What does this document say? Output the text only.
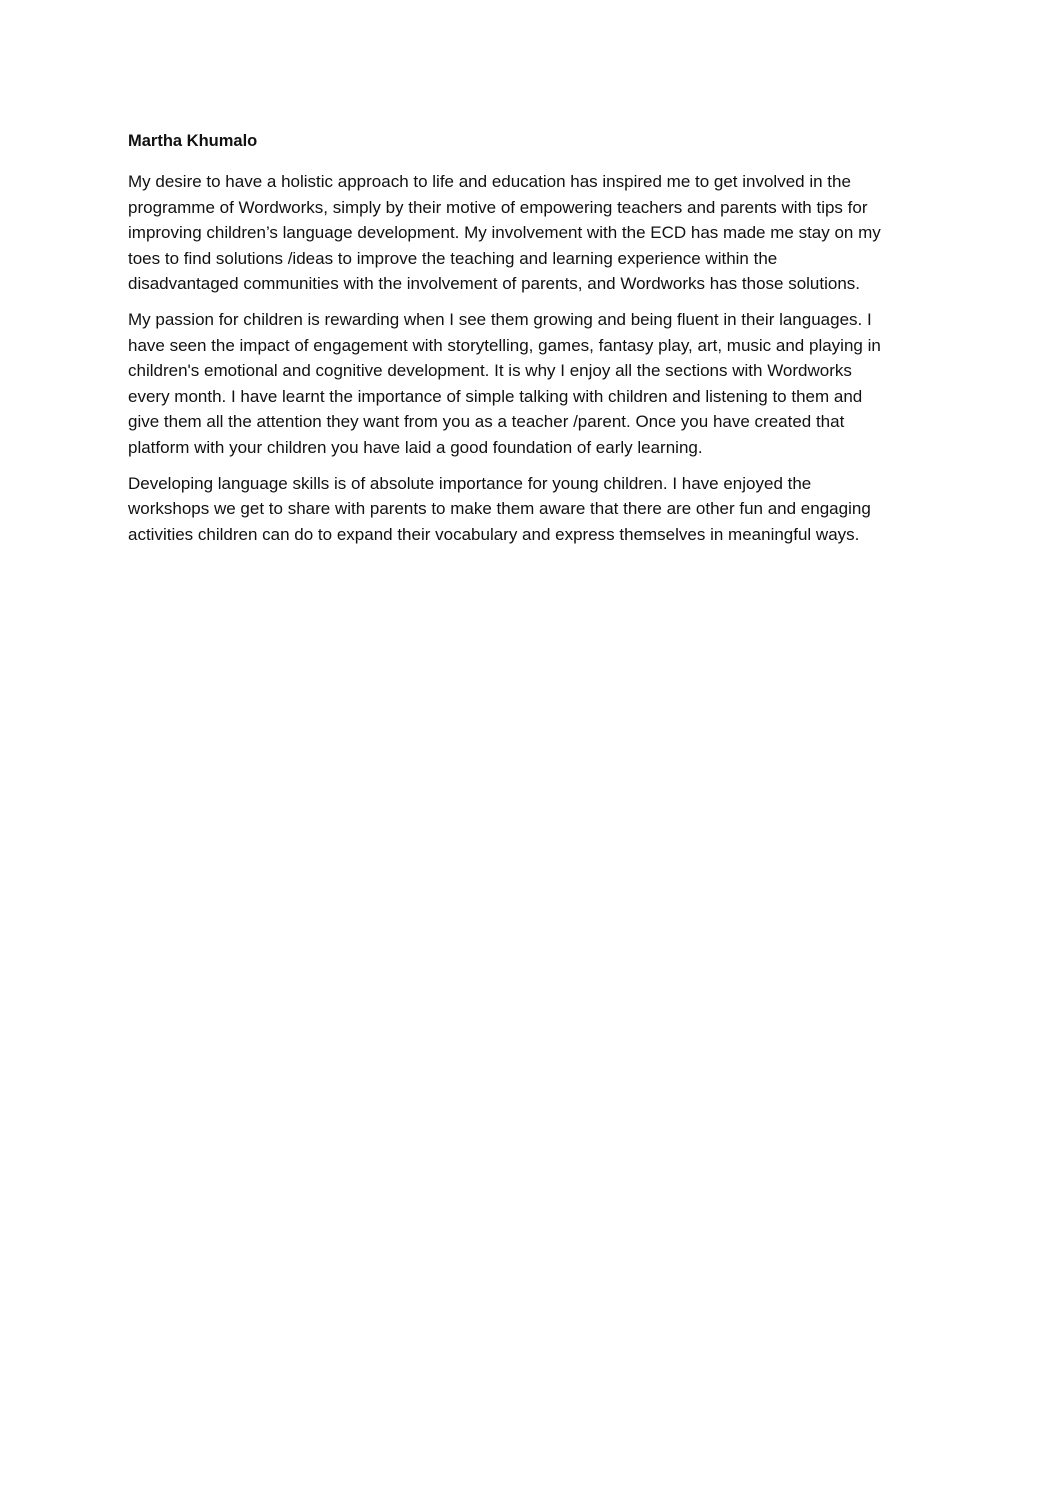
Martha Khumalo

My desire to have a holistic approach to life and education has inspired me to get involved in the
programme of Wordworks, simply by their motive of empowering teachers and parents with tips for
improving children’s language development. My involvement with the ECD has made me stay on my
toes to find solutions /ideas to improve the teaching and learning experience within the
disadvantaged communities with the involvement of parents, and Wordworks has those solutions.

My passion for children is rewarding when I see them growing and being fluent in their languages. I
have seen the impact of engagement with storytelling, games, fantasy play, art, music and playing in
children's emotional and cognitive development. It is why I enjoy all the sections with Wordworks
every month. I have learnt the importance of simple talking with children and listening to them and
give them all the attention they want from you as a teacher /parent. Once you have created that
platform with your children you have laid a good foundation of early learning.

Developing language skills is of absolute importance for young children. I have enjoyed the
workshops we get to share with parents to make them aware that there are other fun and engaging
activities children can do to expand their vocabulary and express themselves in meaningful ways.
